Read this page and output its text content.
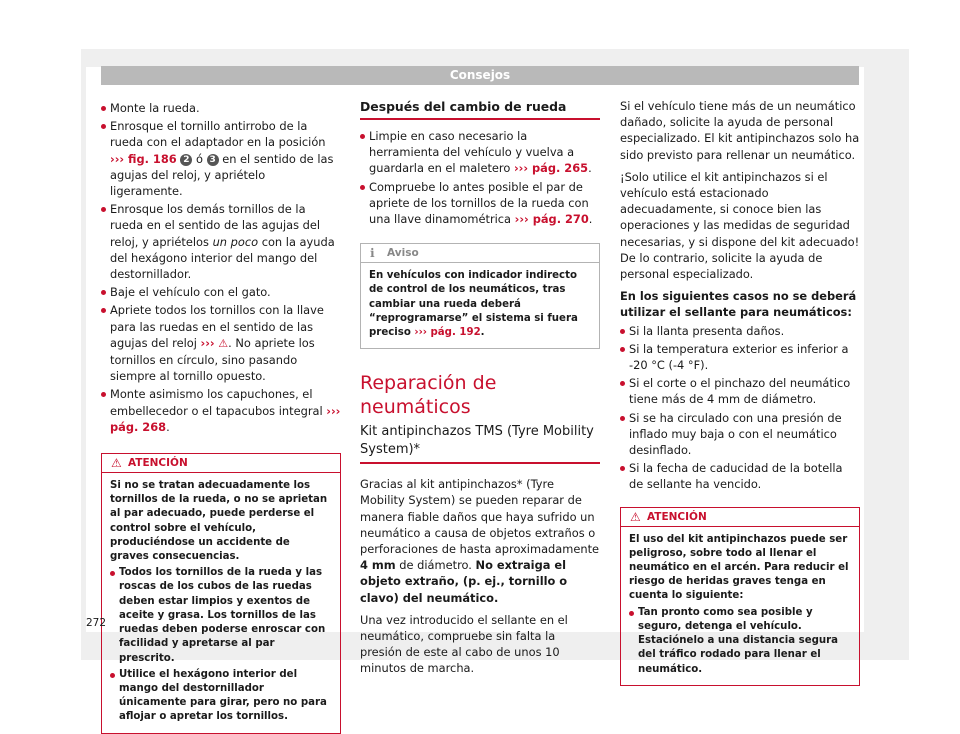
Consejos

Monte la rueda.

Enrosque el tornillo antirrobo de la rueda con el adaptador en la posición ››› fig. 186 2 ó 3 en el sentido de las agujas del reloj, y apriételo ligeramente.

Enrosque los demás tornillos de la rueda en el sentido de las agujas del reloj, y apriételos un poco con la ayuda del hexágono interior del mango del destornillador.

Baje el vehículo con el gato.

Apriete todos los tornillos con la llave para las ruedas en el sentido de las agujas del reloj ››› ⚠. No apriete los tornillos en círculo, sino pasando siempre al tornillo opuesto.

Monte asimismo los capuchones, el embellecedor o el tapacubos integral ››› pág. 268.

⚠ ATENCIÓN

Si no se tratan adecuadamente los tornillos de la rueda, o no se aprietan al par adecuado, puede perderse el control sobre el vehículo, produciéndose un accidente de graves consecuencias.

Todos los tornillos de la rueda y las roscas de los cubos de las ruedas deben estar limpios y exentos de aceite y grasa. Los tornillos de las ruedas deben poderse enroscar con facilidad y apretarse al par prescrito.

Utilice el hexágono interior del mango del destornillador únicamente para girar, pero no para aflojar o apretar los tornillos.

Después del cambio de rueda

Limpie en caso necesario la herramienta del vehículo y vuelva a guardarla en el maletero ››› pág. 265.

Compruebe lo antes posible el par de apriete de los tornillos de la rueda con una llave dinamométrica ››› pág. 270.

ℹ Aviso

En vehículos con indicador indirecto de control de los neumáticos, tras cambiar una rueda deberá “reprogramarse” el sistema si fuera preciso ››› pág. 192.

Reparación de neumáticos
Kit antipinchazos TMS (Tyre Mobility System)*

Gracias al kit antipinchazos* (Tyre Mobility System) se pueden reparar de manera fiable daños que haya sufrido un neumático a causa de objetos extraños o perforaciones de hasta aproximadamente 4 mm de diámetro. No extraiga el objeto extraño, (p. ej., tornillo o clavo) del neumático.

Una vez introducido el sellante en el neumático, compruebe sin falta la presión de este al cabo de unos 10 minutos de marcha.

Si el vehículo tiene más de un neumático dañado, solicite la ayuda de personal especializado. El kit antipinchazos solo ha sido previsto para rellenar un neumático.

¡Solo utilice el kit antipinchazos si el vehículo está estacionado adecuadamente, si conoce bien las operaciones y las medidas de seguridad necesarias, y si dispone del kit adecuado! De lo contrario, solicite la ayuda de personal especializado.

En los siguientes casos no se deberá utilizar el sellante para neumáticos:

Si la llanta presenta daños.

Si la temperatura exterior es inferior a -20 °C (-4 °F).

Si el corte o el pinchazo del neumático tiene más de 4 mm de diámetro.

Si se ha circulado con una presión de inflado muy baja o con el neumático desinflado.

Si la fecha de caducidad de la botella de sellante ha vencido.

⚠ ATENCIÓN

El uso del kit antipinchazos puede ser peligroso, sobre todo al llenar el neumático en el arcén. Para reducir el riesgo de heridas graves tenga en cuenta lo siguiente:

Tan pronto como sea posible y seguro, detenga el vehículo. Estaciónelo a una distancia segura del tráfico rodado para llenar el neumático.

272
